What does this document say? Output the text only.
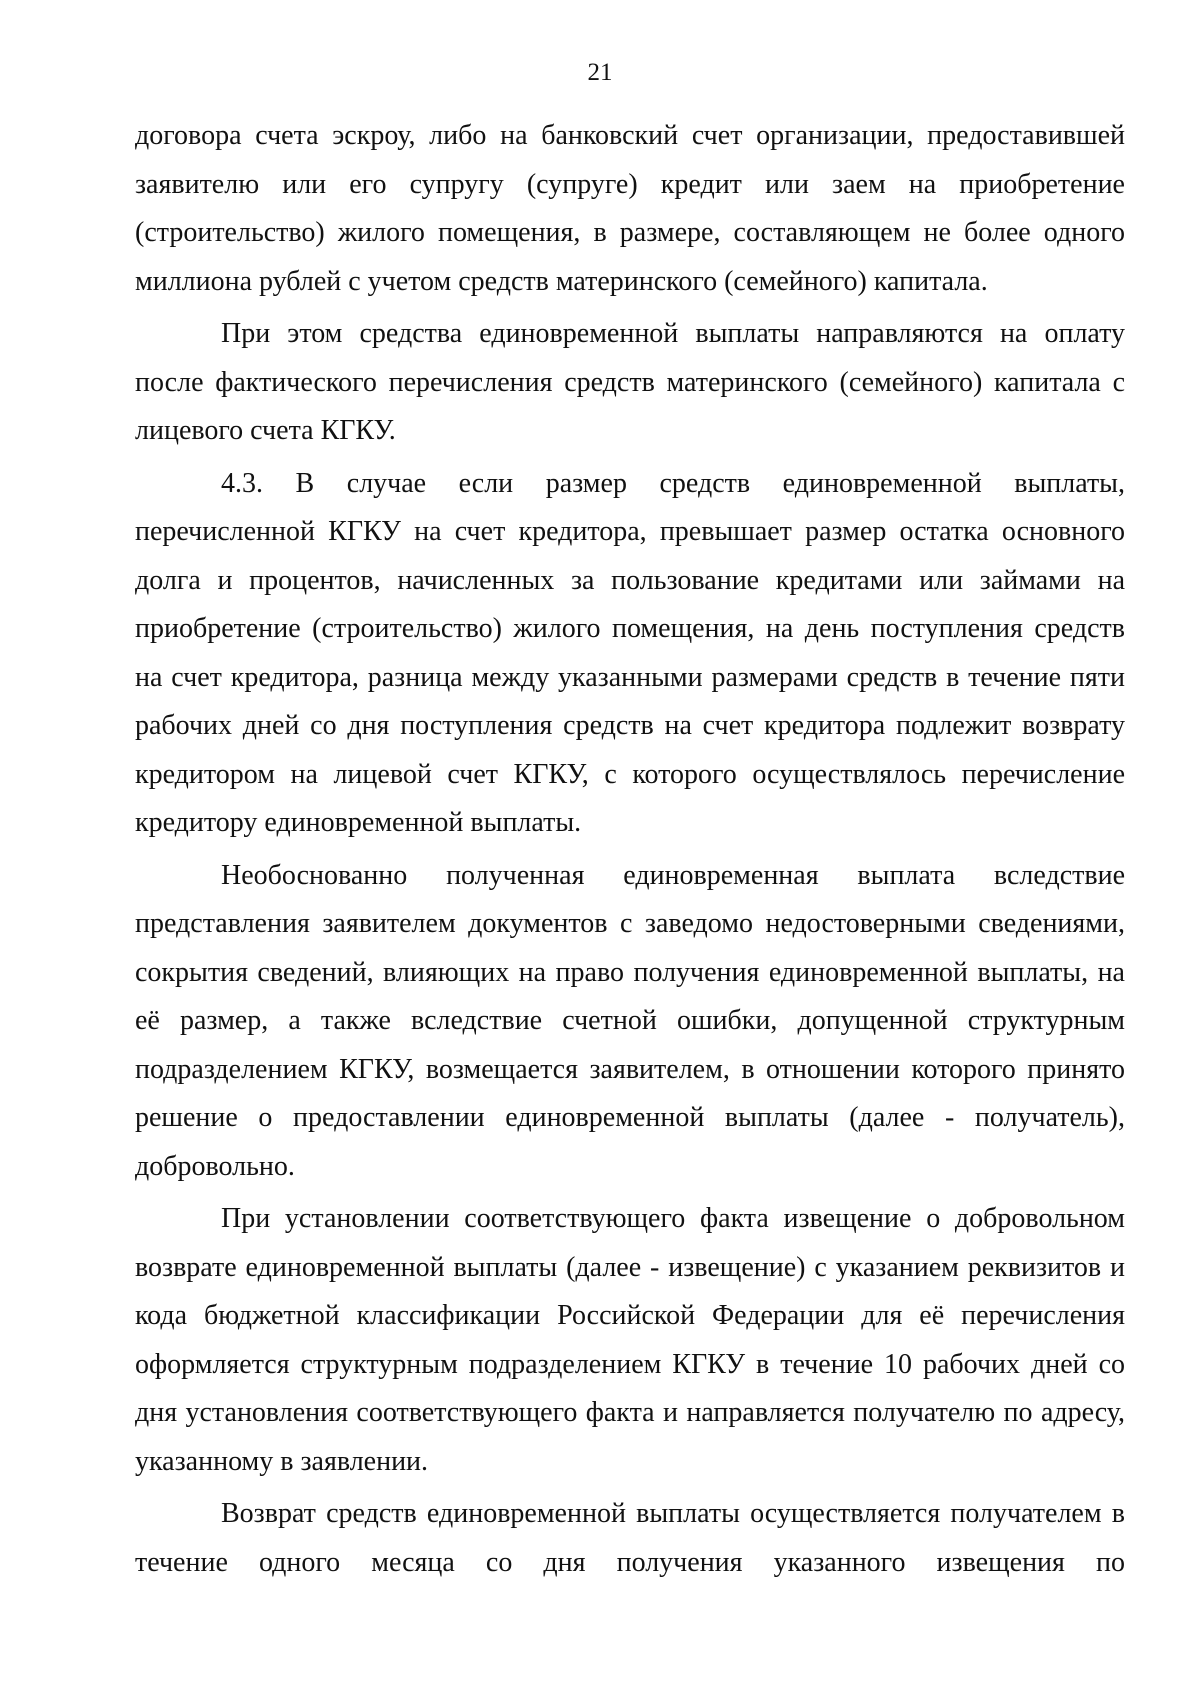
21

договора счета эскроу, либо на банковский счет организации, предоставившей заявителю или его супругу (супруге) кредит или заем на приобретение (строительство) жилого помещения, в размере, составляющем не более одного миллиона рублей с учетом средств материнского (семейного) капитала.

При этом средства единовременной выплаты направляются на оплату после фактического перечисления средств материнского (семейного) капитала с лицевого счета КГКУ.

4.3. В случае если размер средств единовременной выплаты, перечисленной КГКУ на счет кредитора, превышает размер остатка основного долга и процентов, начисленных за пользование кредитами или займами на приобретение (строительство) жилого помещения, на день поступления средств на счет кредитора, разница между указанными размерами средств в течение пяти рабочих дней со дня поступления средств на счет кредитора подлежит возврату кредитором на лицевой счет КГКУ, с которого осуществлялось перечисление кредитору единовременной выплаты.

Необоснованно полученная единовременная выплата вследствие представления заявителем документов с заведомо недостоверными сведениями, сокрытия сведений, влияющих на право получения единовременной выплаты, на её размер, а также вследствие счетной ошибки, допущенной структурным подразделением КГКУ, возмещается заявителем, в отношении которого принято решение о предоставлении единовременной выплаты (далее - получатель), добровольно.

При установлении соответствующего факта извещение о добровольном возврате единовременной выплаты (далее - извещение) с указанием реквизитов и кода бюджетной классификации Российской Федерации для её перечисления оформляется структурным подразделением КГКУ в течение 10 рабочих дней со дня установления соответствующего факта и направляется получателю по адресу, указанному в заявлении.

Возврат средств единовременной выплаты осуществляется получателем в течение одного месяца со дня получения указанного извещения по
